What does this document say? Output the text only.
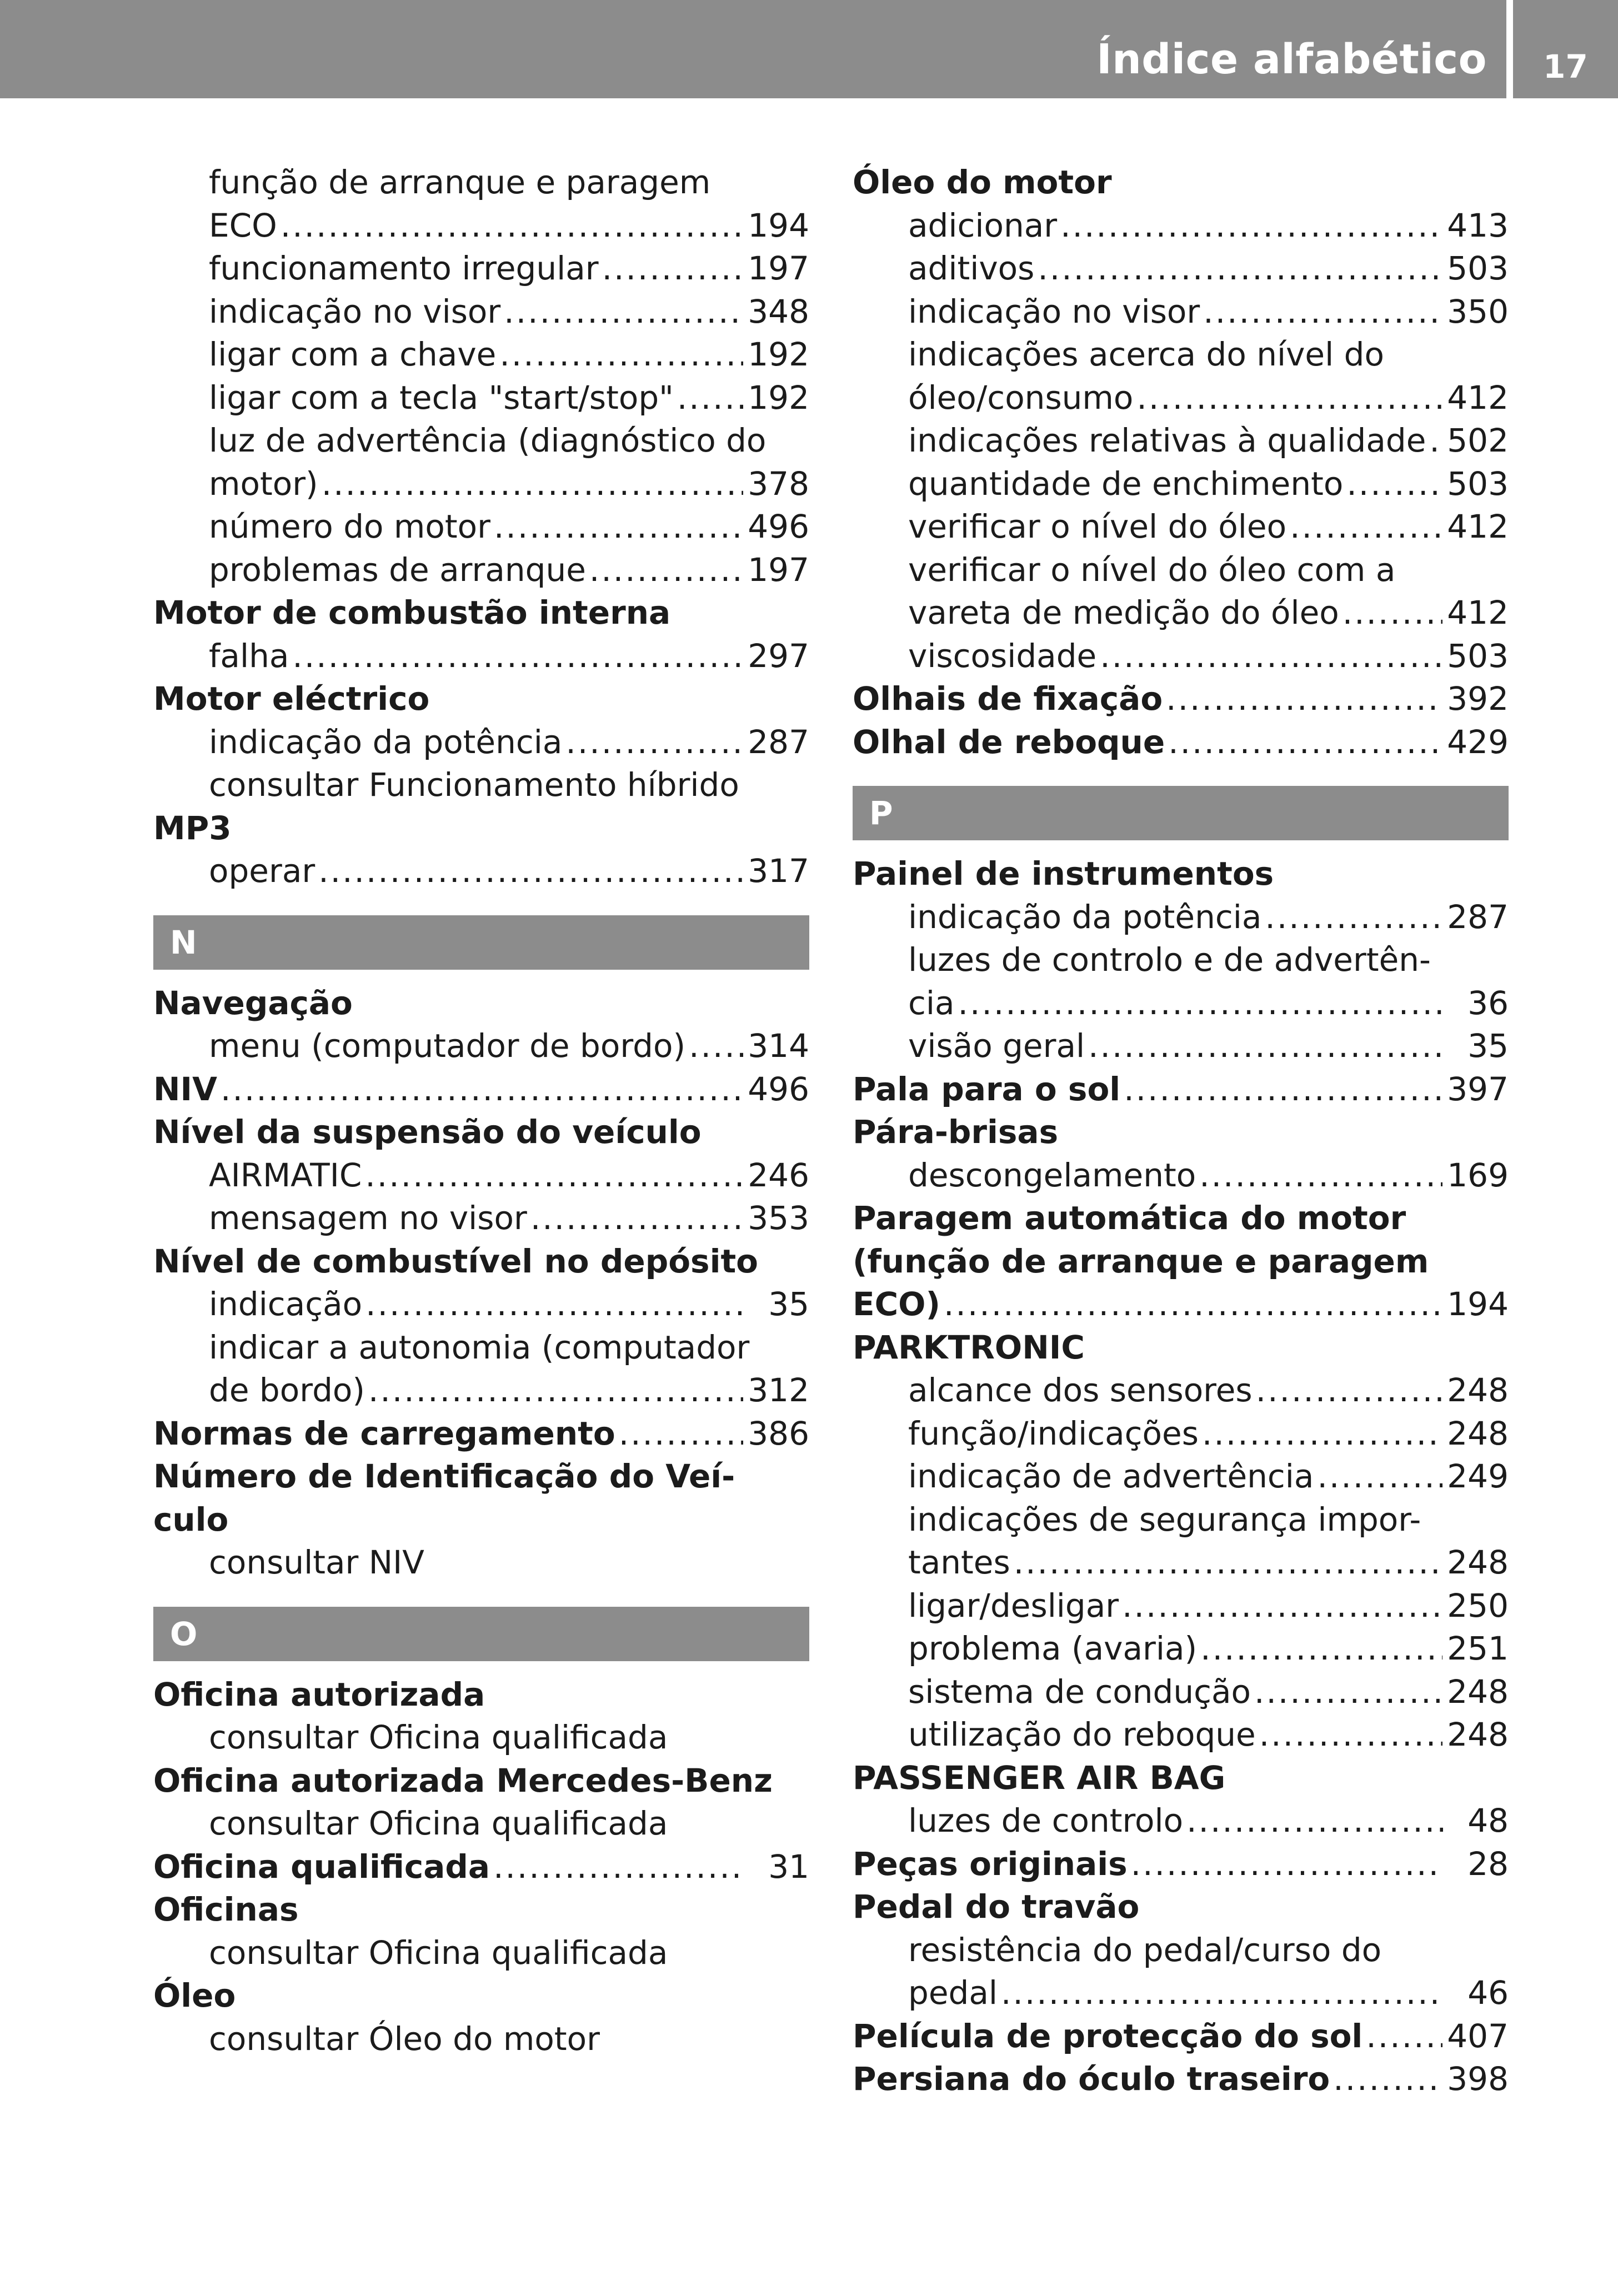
Índice alfabético	17
função de arranque e paragem
ECO .....	194
funcionamento irregular .....	197
indicação no visor .....	348
ligar com a chave .....	192
ligar com a tecla "start/stop" ..... 192
luz de advertência (diagnóstico do
motor) .....	378
número do motor .....	496
problemas de arranque .....	197
Motor de combustão interna
falha .....	297
Motor eléctrico
indicação da potência .....	287
consultar Funcionamento híbrido
MP3
operar .....	317
N
Navegação
menu (computador de bordo) ..... 314
NIV .....	496
Nível da suspensão do veículo
AIRMATIC .....	246
mensagem no visor .....	353
Nível de combustível no depósito
indicação .....	35
indicar a autonomia (computador
de bordo) .....	312
Normas de carregamento .....	386
Número de Identificação do Veí-
culo
consultar NIV
O
Oficina autorizada
consultar Oficina qualificada
Oficina autorizada Mercedes-Benz
consultar Oficina qualificada
Oficina qualificada .....	31
Oficinas
consultar Oficina qualificada
Óleo
consultar Óleo do motor
Óleo do motor
adicionar .....	413
aditivos .....	503
indicação no visor .....	350
indicações acerca do nível do
óleo/consumo .....	412
indicações relativas à qualidade ..... 502
quantidade de enchimento .....	503
verificar o nível do óleo .....	412
verificar o nível do óleo com a
vareta de medição do óleo .....	412
viscosidade .....	503
Olhais de fixação .....	392
Olhal de reboque .....	429
P
Painel de instrumentos
indicação da potência .....	287
luzes de controlo e de advertên-
cia .....	36
visão geral .....	35
Pala para o sol .....	397
Pára-brisas
descongelamento .....	169
Paragem automática do motor
(função de arranque e paragem
ECO) .....	194
PARKTRONIC
alcance dos sensores .....	248
função/indicações .....	248
indicação de advertência .....	249
indicações de segurança impor-
tantes .....	248
ligar/desligar .....	250
problema (avaria) .....	251
sistema de condução .....	248
utilização do reboque .....	248
PASSENGER AIR BAG
luzes de controlo .....	48
Peças originais .....	28
Pedal do travão
resistência do pedal/curso do
pedal .....	46
Película de protecção do sol .....	407
Persiana do óculo traseiro .....	398
